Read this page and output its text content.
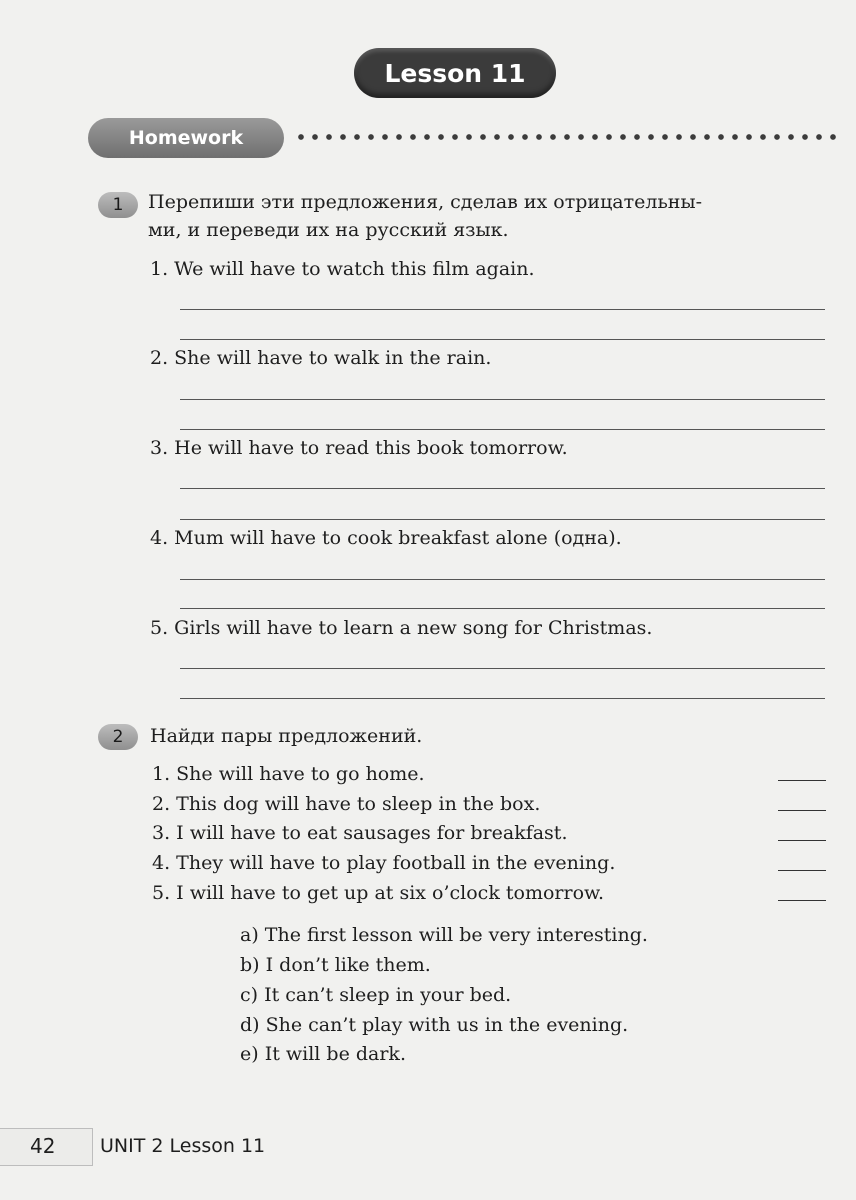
Lesson 11
Homework
1 Перепиши эти предложения, сделав их отрицательны-
ми, и переведи их на русский язык.
1. We will have to watch this film again.
2. She will have to walk in the rain.
3. He will have to read this book tomorrow.
4. Mum will have to cook breakfast alone (одна).
5. Girls will have to learn a new song for Christmas.
2 Найди пары предложений.
1. She will have to go home.
2. This dog will have to sleep in the box.
3. I will have to eat sausages for breakfast.
4. They will have to play football in the evening.
5. I will have to get up at six o’clock tomorrow.
a) The first lesson will be very interesting.
b) I don’t like them.
c) It can’t sleep in your bed.
d) She can’t play with us in the evening.
e) It will be dark.
42 UNIT 2 Lesson 11
